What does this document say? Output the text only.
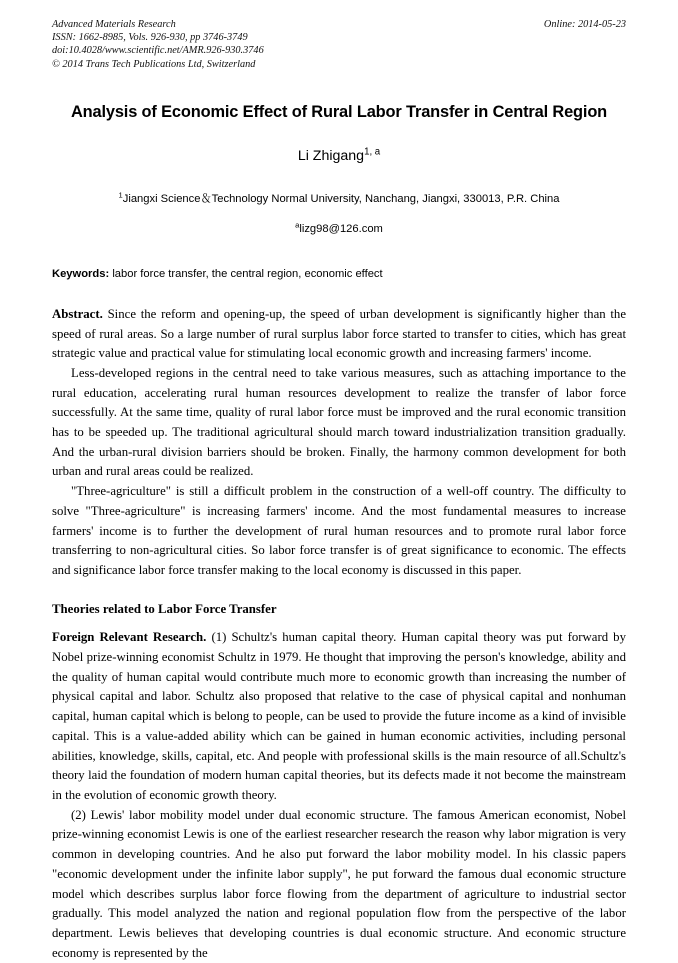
Advanced Materials Research
ISSN: 1662-8985, Vols. 926-930, pp 3746-3749
doi:10.4028/www.scientific.net/AMR.926-930.3746
© 2014 Trans Tech Publications Ltd, Switzerland
Online: 2014-05-23
Analysis of Economic Effect of Rural Labor Transfer in Central Region
Li Zhigang$^{1, a}$
$^1$Jiangxi Science＆Technology Normal University, Nanchang, Jiangxi, 330013, P.R. China
$^a$lizg98@126.com
Keywords: labor force transfer, the central region, economic effect

Abstract. Since the reform and opening-up, the speed of urban development is significantly higher than the speed of rural areas. So a large number of rural surplus labor force started to transfer to cities, which has great strategic value and practical value for stimulating local economic growth and increasing farmers' income.

Less-developed regions in the central need to take various measures, such as attaching importance to the rural education, accelerating rural human resources development to realize the transfer of labor force successfully. At the same time, quality of rural labor force must be improved and the rural economic transition has to be speeded up. The traditional agricultural should march toward industrialization transition gradually. And the urban-rural division barriers should be broken. Finally, the harmony common development for both urban and rural areas could be realized.

"Three-agriculture" is still a difficult problem in the construction of a well-off country. The difficulty to solve "Three-agriculture" is increasing farmers' income. And the most fundamental measures to increase farmers' income is to further the development of rural human resources and to promote rural labor force transferring to non-agricultural cities. So labor force transfer is of great significance to economic. The effects and significance labor force transfer making to the local economy is discussed in this paper.

Theories related to Labor Force Transfer

Foreign Relevant Research. (1) Schultz's human capital theory. Human capital theory was put forward by Nobel prize-winning economist Schultz in 1979. He thought that improving the person's knowledge, ability and the quality of human capital would contribute much more to economic growth than increasing the number of physical capital and labor. Schultz also proposed that relative to the case of physical capital and nonhuman capital, human capital which is belong to people, can be used to provide the future income as a kind of invisible capital. This is a value-added ability which can be gained in human economic activities, including personal abilities, knowledge, skills, capital, etc. And people with professional skills is the main resource of all.Schultz's theory laid the foundation of modern human capital theories, but its defects made it not become the mainstream in the evolution of economic growth theory.

(2) Lewis' labor mobility model under dual economic structure. The famous American economist, Nobel prize-winning economist Lewis is one of the earliest researcher research the reason why labor migration is very common in developing countries. And he also put forward the labor mobility model. In his classic papers "economic development under the infinite labor supply", he put forward the famous dual economic structure model which describes surplus labor force flowing from the department of agriculture to industrial sector gradually. This model analyzed the nation and regional population flow from the perspective of the labor department. Lewis believes that developing countries is dual economic structure. And economic structure economy is represented by the
